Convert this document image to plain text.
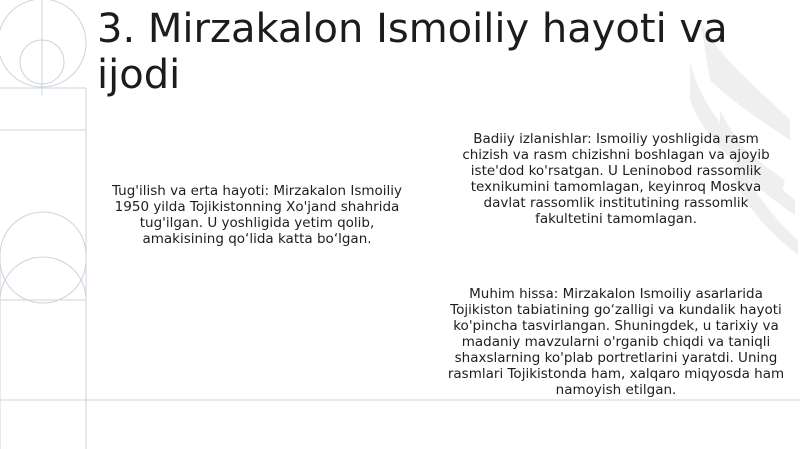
3. Mirzakalon Ismoiliy hayoti va ijodi
Tug'ilish va erta hayoti: Mirzakalon Ismoiliy 1950 yilda Tojikistonning Xo'jand shahrida tug'ilgan. U yoshligida yetim qolib, amakisining qo‘lida katta bo‘lgan.
Badiiy izlanishlar: Ismoiliy yoshligida rasm chizish va rasm chizishni boshlagan va ajoyib iste'dod ko'rsatgan. U Leninobod rassomlik texnikumini tamomlagan, keyinroq Moskva davlat rassomlik institutining rassomlik fakultetini tamomlagan.
Muhim hissa: Mirzakalon Ismoiliy asarlarida Tojikiston tabiatining go‘zalligi va kundalik hayoti ko'pincha tasvirlangan. Shuningdek, u tarixiy va madaniy mavzularni o'rganib chiqdi va taniqli shaxslarning ko'plab portretlarini yaratdi. Uning rasmlari Tojikistonda ham, xalqaro miqyosda ham namoyish etilgan.
